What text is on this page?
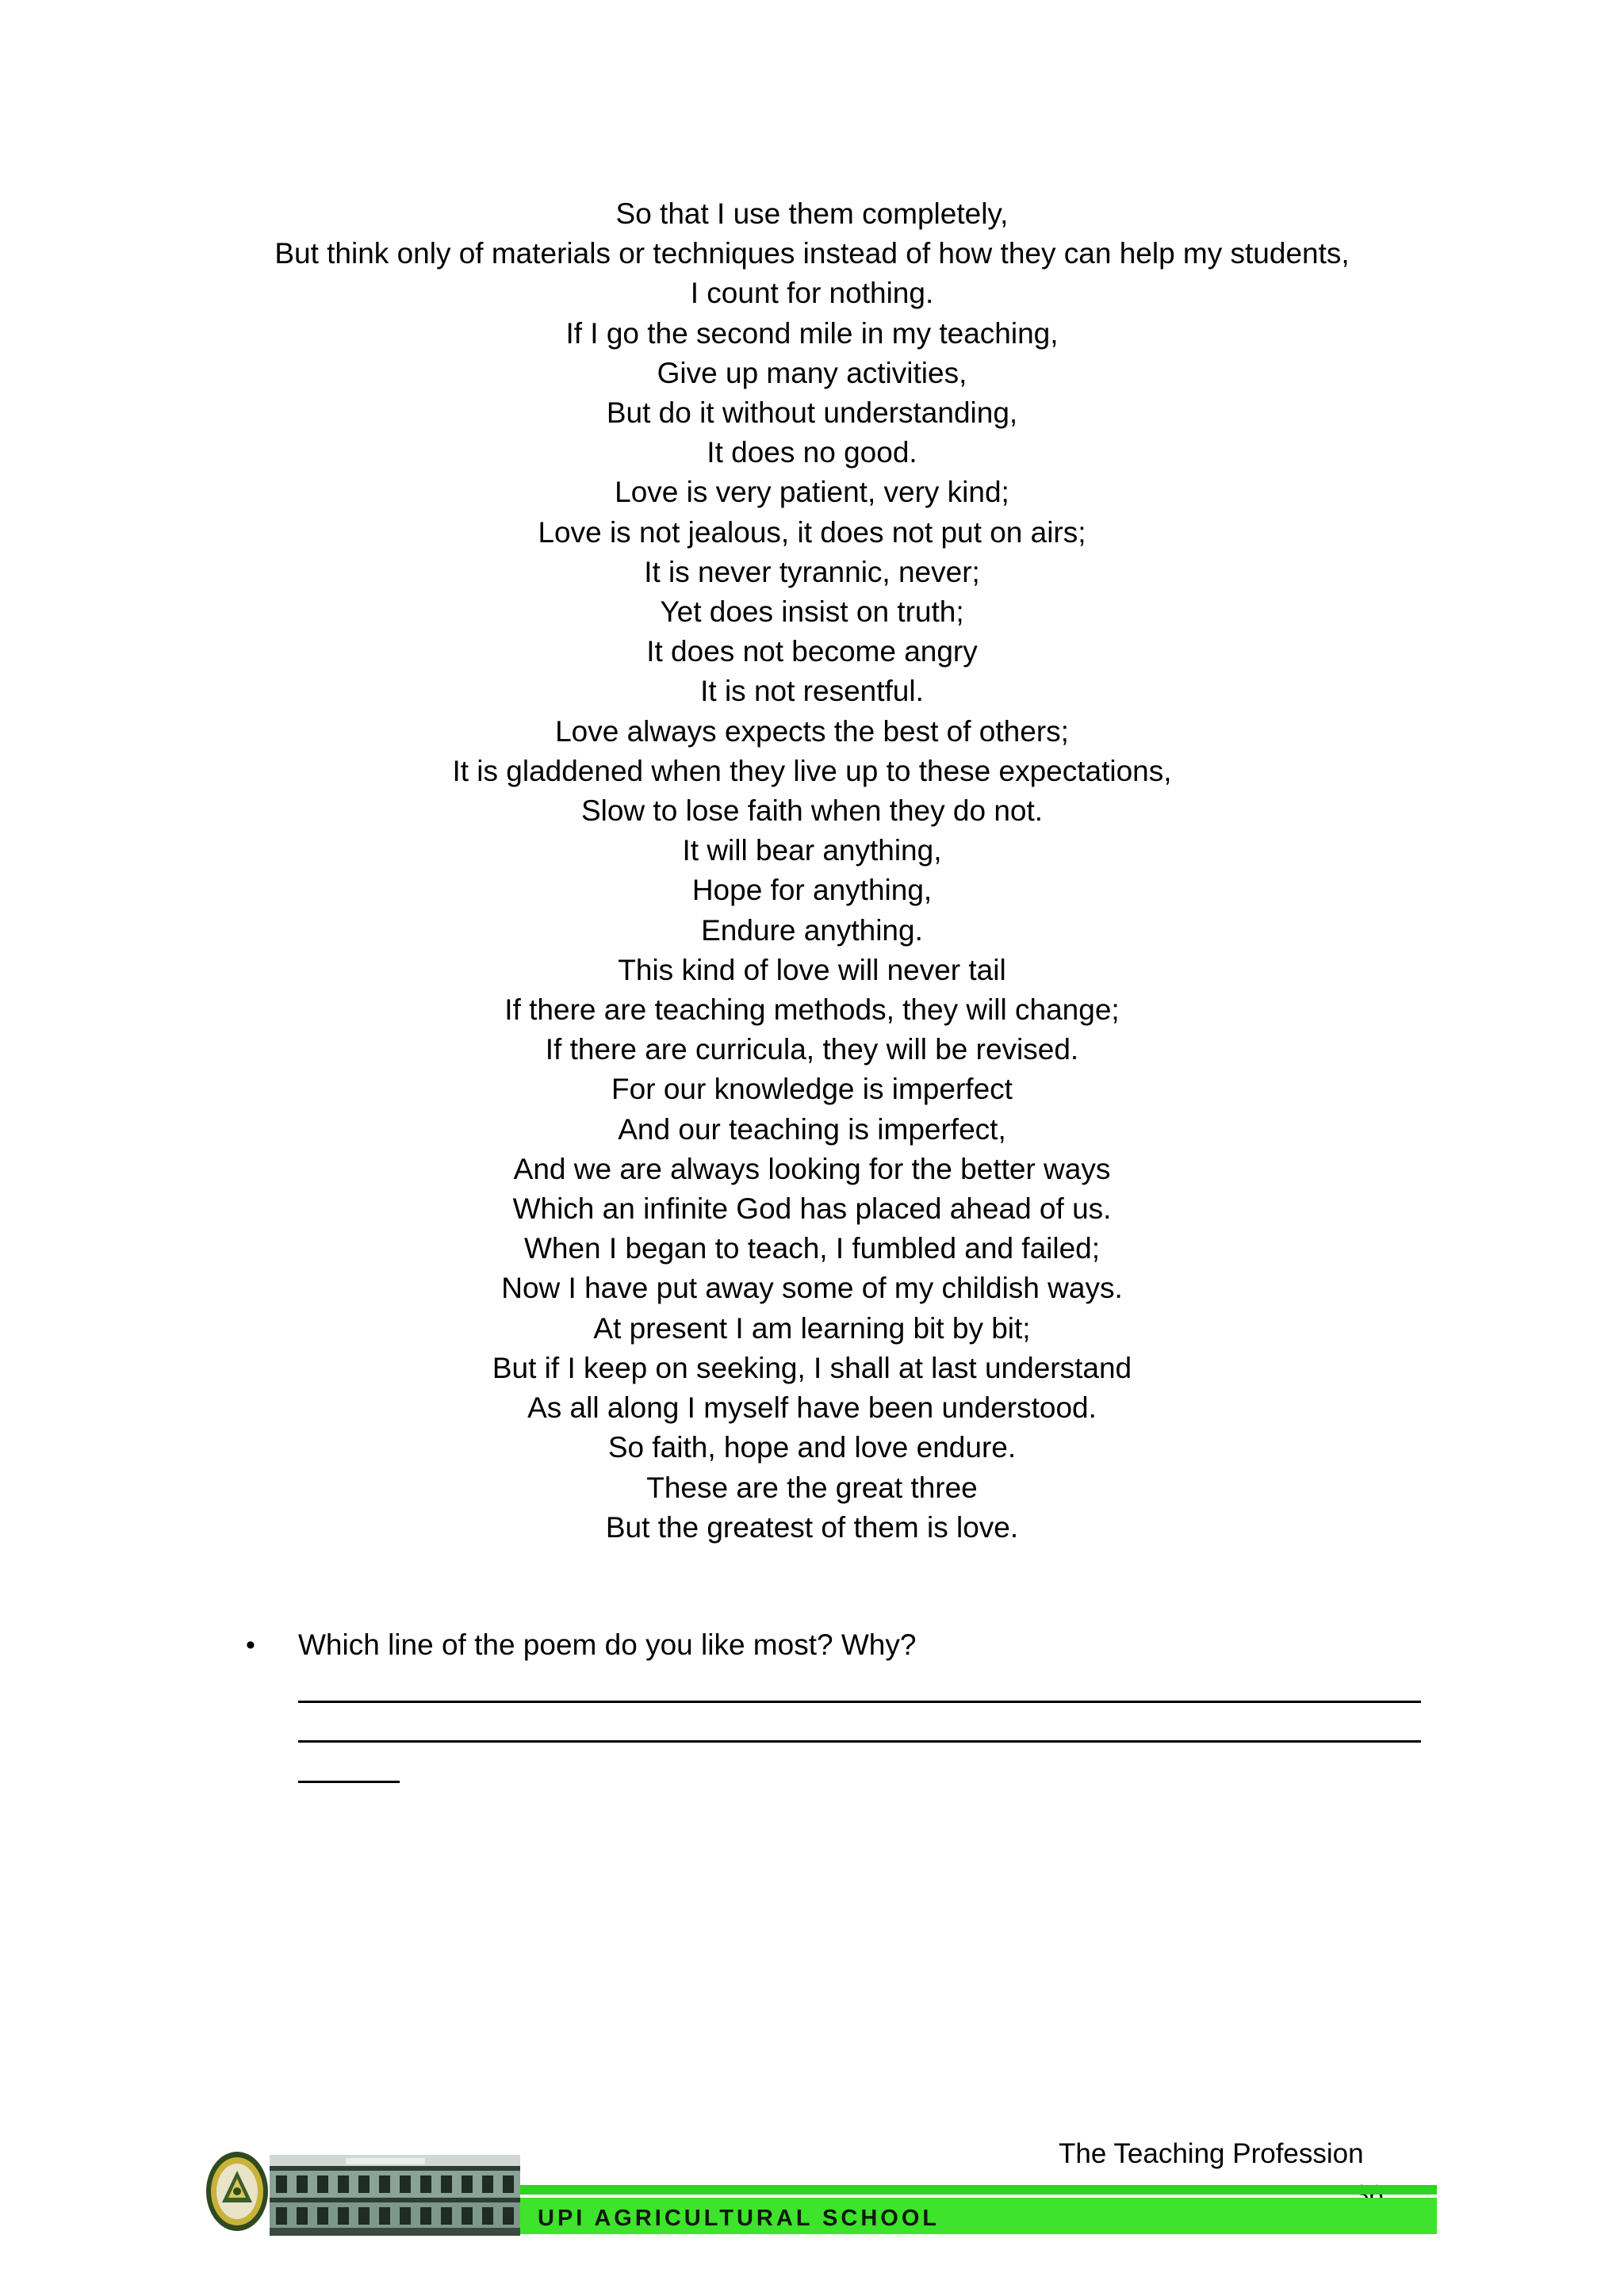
So that I use them completely,

But think only of materials or techniques instead of how they can help my students,

I count for nothing.

If I go the second mile in my teaching,

Give up many activities,

But do it without understanding,

It does no good.

Love is very patient, very kind;

Love is not jealous, it does not put on airs;

It is never tyrannic, never;

Yet does insist on truth;

It does not become angry

It is not resentful.

Love always expects the best of others;

It is gladdened when they live up to these expectations,

Slow to lose faith when they do not.

It will bear anything,

Hope for anything,

Endure anything.

This kind of love will never tail

If there are teaching methods, they will change;

If there are curricula, they will be revised.

For our knowledge is imperfect

And our teaching is imperfect,

And we are always looking for the better ways

Which an infinite God has placed ahead of us.

When I began to teach, I fumbled and failed;

Now I have put away some of my childish ways.

At present I am learning bit by bit;

But if I keep on seeking, I shall at last understand

As all along I myself have been understood.

So faith, hope and love endure.

These are the great three

But the greatest of them is love.

• Which line of the poem do you like most? Why?
The Teaching Profession
UPI AGRICULTURAL SCHOOL
